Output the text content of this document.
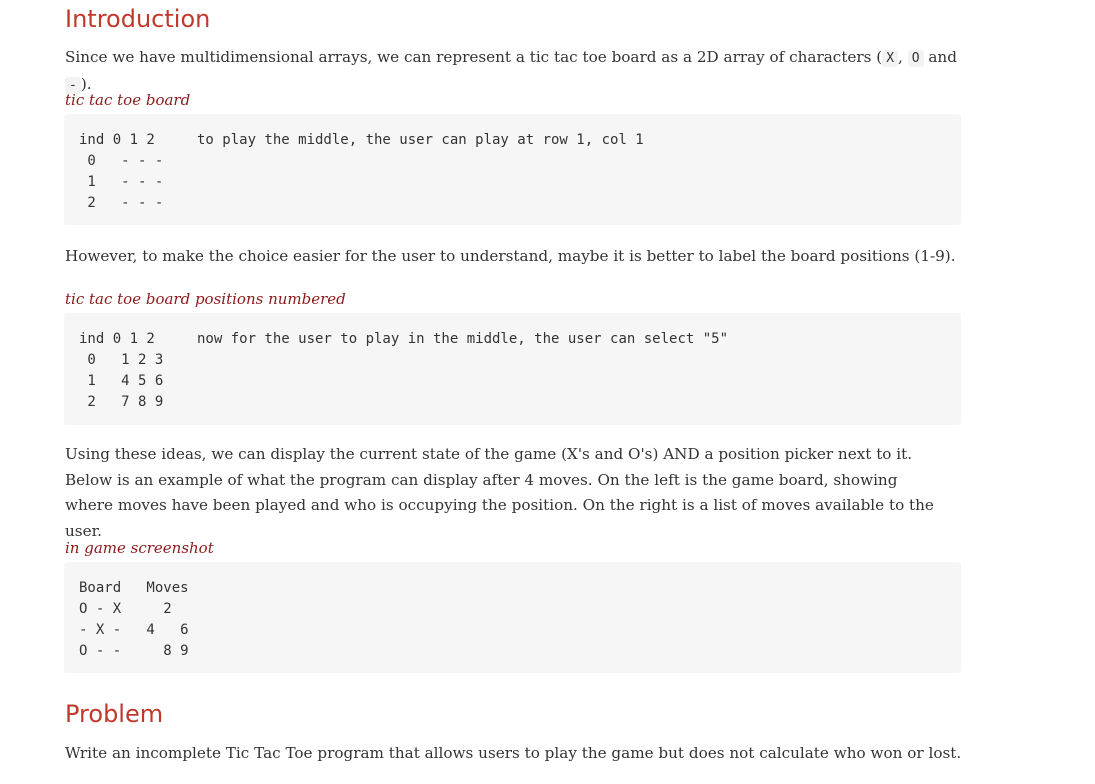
Introduction

Since we have multidimensional arrays, we can represent a tic tac toe board as a 2D array of characters ( X , O and - ).

tic tac toe board
ind 0 1 2     to play the middle, the user can play at row 1, col 1
0   - - -
1   - - -
2   - - -

However, to make the choice easier for the user to understand, maybe it is better to label the board positions (1-9).

tic tac toe board positions numbered
ind 0 1 2     now for the user to play in the middle, the user can select "5"
0   1 2 3
1   4 5 6
2   7 8 9

Using these ideas, we can display the current state of the game (X's and O's) AND a position picker next to it. Below is an example of what the program can display after 4 moves. On the left is the game board, showing where moves have been played and who is occupying the position. On the right is a list of moves available to the user.

in game screenshot
Board   Moves
O - X     2
- X -   4   6
O - -     8 9
Problem

Write an incomplete Tic Tac Toe program that allows users to play the game but does not calculate who won or lost.
